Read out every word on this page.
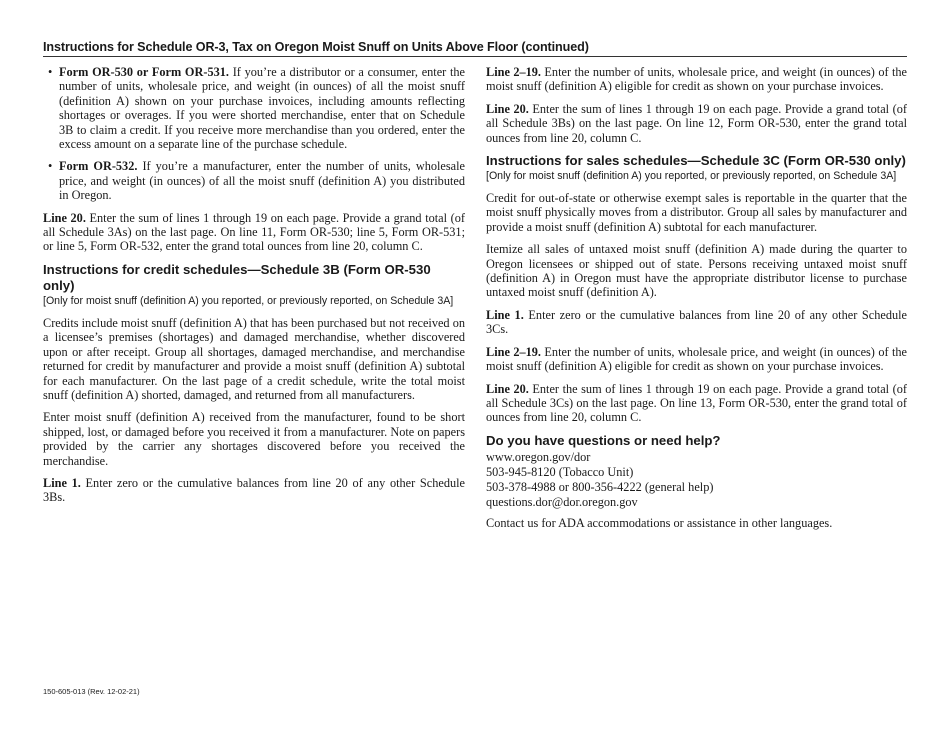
Instructions for Schedule OR-3, Tax on Oregon Moist Snuff on Units Above Floor (continued)
• Form OR-530 or Form OR-531. If you’re a distributor or a consumer, enter the number of units, wholesale price, and weight (in ounces) of all the moist snuff (definition A) shown on your purchase invoices, including amounts reflecting shortages or overages. If you were shorted merchandise, enter that on Schedule 3B to claim a credit. If you receive more merchandise than you ordered, enter the excess amount on a separate line of the purchase schedule.
• Form OR-532. If you’re a manufacturer, enter the number of units, wholesale price, and weight (in ounces) of all the moist snuff (definition A) you distributed in Oregon.

Line 20. Enter the sum of lines 1 through 19 on each page. Provide a grand total (of all Schedule 3As) on the last page. On line 11, Form OR-530; line 5, Form OR-531; or line 5, Form OR-532, enter the grand total ounces from line 20, column C.

Instructions for credit schedules—Schedule 3B (Form OR-530 only)
[Only for moist snuff (definition A) you reported, or previously reported, on Schedule 3A]

Credits include moist snuff (definition A) that has been purchased but not received on a licensee’s premises (shortages) and damaged merchandise, whether discovered upon or after receipt. Group all shortages, damaged merchandise, and merchandise returned for credit by manufacturer and provide a moist snuff (definition A) subtotal for each manufacturer. On the last page of a credit schedule, write the total moist snuff (definition A) shorted, damaged, and returned from all manufacturers.

Enter moist snuff (definition A) received from the manufacturer, found to be short shipped, lost, or damaged before you received it from a manufacturer. Note on papers provided by the carrier any shortages discovered before you received the merchandise.

Line 1. Enter zero or the cumulative balances from line 20 of any other Schedule 3Bs.

Line 2–19. Enter the number of units, wholesale price, and weight (in ounces) of the moist snuff (definition A) eligible for credit as shown on your purchase invoices.

Line 20. Enter the sum of lines 1 through 19 on each page. Provide a grand total (of all Schedule 3Bs) on the last page. On line 12, Form OR-530, enter the grand total ounces from line 20, column C.

Instructions for sales schedules—Schedule 3C (Form OR-530 only)
[Only for moist snuff (definition A) you reported, or previously reported, on Schedule 3A]

Credit for out-of-state or otherwise exempt sales is reportable in the quarter that the moist snuff physically moves from a distributor. Group all sales by manufacturer and provide a moist snuff (definition A) subtotal for each manufacturer.

Itemize all sales of untaxed moist snuff (definition A) made during the quarter to Oregon licensees or shipped out of state. Persons receiving untaxed moist snuff (definition A) in Oregon must have the appropriate distributor license to purchase untaxed moist snuff (definition A).

Line 1. Enter zero or the cumulative balances from line 20 of any other Schedule 3Cs.

Line 2–19. Enter the number of units, wholesale price, and weight (in ounces) of the moist snuff (definition A) eligible for credit as shown on your purchase invoices.

Line 20. Enter the sum of lines 1 through 19 on each page. Provide a grand total (of all Schedule 3Cs) on the last page. On line 13, Form OR-530, enter the grand total of ounces from line 20, column C.

Do you have questions or need help?
www.oregon.gov/dor
503-945-8120 (Tobacco Unit)
503-378-4988 or 800-356-4222 (general help)
questions.dor@dor.oregon.gov

Contact us for ADA accommodations or assistance in other languages.

150-605-013 (Rev. 12-02-21)
